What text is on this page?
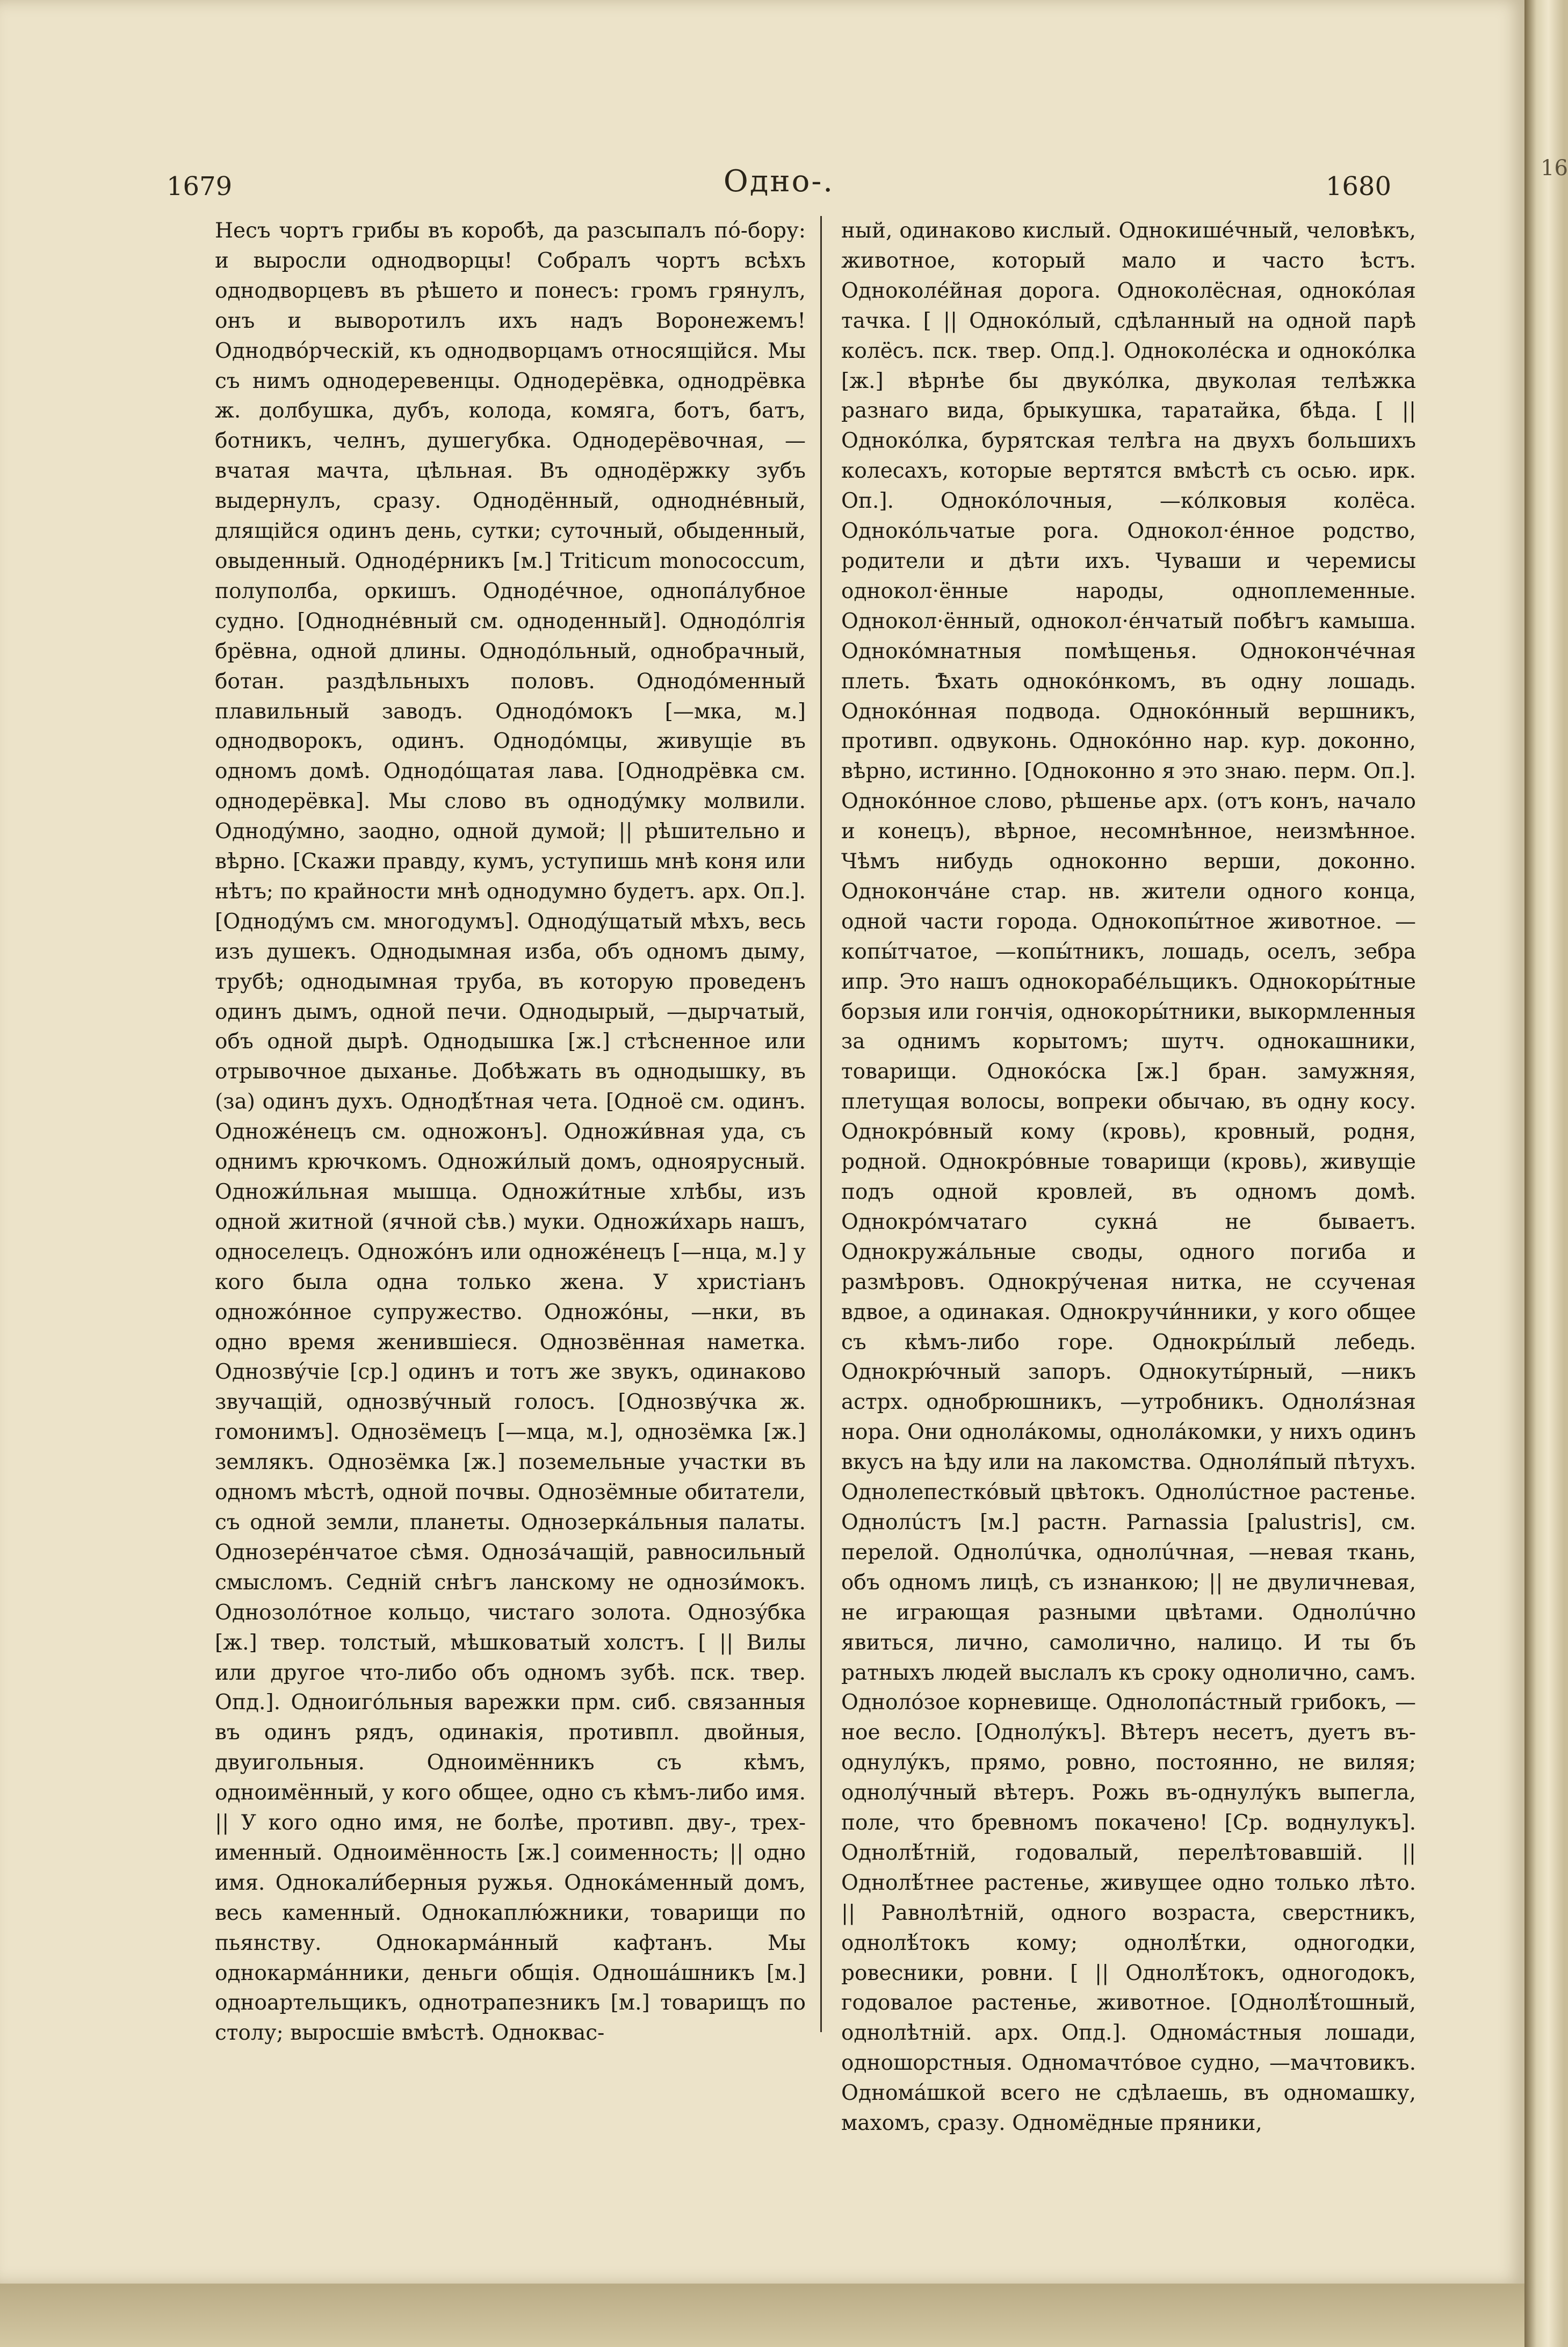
1679	Одно-.	1680
Несъ чортъ грибы въ коробѣ, да разсыпалъ по́-бору: и выросли однодворцы! Собралъ чортъ всѣхъ однодворцевъ въ рѣшето и понесъ: громъ грянулъ, онъ и выворотилъ ихъ надъ Воронежемъ! Однодво́рческій, къ однодворцамъ относящійся. Мы съ нимъ однодеревенцы. Однодерёвка, однодрёвка ж. долбушка, дубъ, колода, комяга, ботъ, батъ, ботникъ, челнъ, душегубка. Однодерёвочная, —вчатая мачта, цѣльная. Въ однодёржку зубъ выдернулъ, сразу. Однодённый, однодне́вный, длящійся одинъ день, сутки; суточный, обыденный, овыденный. Одноде́рникъ [м.] Triticum monococcum, полуполба, оркишъ. Однодéчное, однопа́лубное судно. [Однодне́вный см. одноденный]. Однодо́лгія брёвна, одной длины. Однодо́льный, однобрачный, ботан. раздѣльныхъ половъ. Однодо́менный плавильный заводъ. Однодо́мокъ [—мка, м.] однодворокъ, одинъ. Однодо́мцы, живущіе въ одномъ домѣ. Однодо́щатая лава. [Однодрёвка см. однодерёвка]. Мы слово въ однодýмку молвили. Однодýмно, заодно, одной думой; || рѣшительно и вѣрно. [Скажи правду, кумъ, уступишь мнѣ коня или нѣтъ; по крайности мнѣ однодумно будетъ. арх. Оп.]. [Однодýмъ см. многодумъ]. Однодýщатый мѣхъ, весь изъ душекъ. Однодымная изба, объ одномъ дыму, трубѣ; однодымная труба, въ которую проведенъ одинъ дымъ, одной печи. Однодырый, —дырчатый, объ одной дырѣ. Однодышка [ж.] стѣсненное или отрывочное дыханье. Добѣжать въ однодышку, въ (за) одинъ духъ. Однодѣ́тная чета. [Одноё см. одинъ. Одноже́нецъ см. одножонъ]. Одножи́вная уда, съ однимъ крючкомъ. Одножи́лый домъ, одноярусный. Одножи́льная мышца. Одножи́тные хлѣбы, изъ одной житной (ячной сѣв.) муки. Одножи́харь нашъ, односелецъ. Одножо́нъ или одноже́нецъ [—нца, м.] у кого была одна только жена. У христіанъ одножо́нное супружество. Одножо́ны, —нки, въ одно время женившіеся. Однозвённая наметка. Однозвýчіе [ср.] одинъ и тотъ же звукъ, одинаково звучащій, однозвýчный голосъ. [Однозвýчка ж. гомонимъ]. Однозёмецъ [—мца, м.], однозёмка [ж.] землякъ. Однозёмка [ж.] поземельные участки въ одномъ мѣстѣ, одной почвы. Однозёмные обитатели, съ одной земли, планеты. Однозеркáльныя палаты. Однозерéнчатое сѣмя. Одноза́чащій, равносильный смысломъ. Седній снѣгъ ланскому не однози́мокъ. Однозоло́тное кольцо, чистаго золота. Однозýбка [ж.] твер. толстый, мѣшковатый холстъ. [ || Вилы или другое что-либо объ одномъ зубѣ. пск. твер. Опд.]. Одноиго́льныя варежки прм. сиб. связанныя въ одинъ рядъ, одинакія, противпл. двойныя, двуигольныя. Одноимённикъ съ кѣмъ, одноимённый, у кого общее, одно съ кѣмъ-либо имя. || У кого одно имя, не болѣе, противп. дву-, трех-именный. Одноимённость [ж.] соименность; || одно имя. Однокали́берныя ружья. Однока́менный домъ, весь каменный. Однокаплю́жники, товарищи по пьянству. Однокарма́нный кафтанъ. Мы однокарма́нники, деньги общія. Одноша́шникъ [м.] одноартельщикъ, однотрапезникъ [м.] товарищъ по столу; выросшіе вмѣстѣ. Однокваc-
ный, одинаково кислый. Однокишéчный, человѣкъ, животное, который мало и часто ѣстъ. Одноколéйная дорога. Одноколёсная, однокóлая тачка. [ || Однокóлый, сдѣланный на одной парѣ колёсъ. пск. твер. Опд.]. Одноколéска и однокóлка [ж.] вѣрнѣе бы двукóлка, двуколая телѣжка разнаго вида, брыкушка, таратайка, бѣда. [ || Однокóлка, бурятская телѣга на двухъ большихъ колесахъ, которые вертятся вмѣстѣ съ осью. ирк. Оп.]. Однокóлочныя, —кóлковыя колёса. Однокóльчатые рога. Однокол·éнное родство, родители и дѣти ихъ. Чуваши и черемисы однокол·ённые народы, одноплеменные. Однокол·ённый, однокол·éнчатый побѣгъ камыша. Однокóмнатныя помѣщенья. Однокончéчная плеть. Ѣхать однокóнкомъ, въ одну лошадь. Однокóнная подвода. Однокóнный вершникъ, противп. одвуконь. Однокóнно нар. кур. доконно, вѣрно, истинно. [Одноконно я это знаю. перм. Оп.]. Однокóнное слово, рѣшенье арх. (отъ конъ, начало и конецъ), вѣрное, несомнѣнное, неизмѣнное. Чѣмъ нибудь одноконно верши, доконно. Одноконча́не стар. нв. жители одного конца, одной части города. Однокопы́тное животное. —копы́тчатое, —копы́тникъ, лошадь, оселъ, зебра ипр. Это нашъ однокорабéльщикъ. Однокоры́тные борзыя или гончія, однокоры́тники, выкормленныя за однимъ корытомъ; шутч. однокашники, товарищи. Однокóска [ж.] бран. замужняя, плетущая волосы, вопреки обычаю, въ одну косу. Однокрóвный кому (кровь), кровный, родня, родной. Однокрóвные товарищи (кровь), живущіе подъ одной кровлей, въ одномъ домѣ. Однокрóмчатаго сукнá не бываетъ. Однокружáльные своды, одного погиба и размѣровъ. Однокрýченая нитка, не ссученая вдвое, а одинакая. Однокручи́нники, у кого общее съ кѣмъ-либо горе. Однокры́лый лебедь. Однокрю́чный запоръ. Однокуты́рный, —никъ астрх. однобрюшникъ, —утробникъ. Одноля́зная нора. Они однолáкомы, однолáкомки, у нихъ одинъ вкусъ на ѣду или на лакомства. Одноля́пый пѣтухъ. Однолепестко́вый цвѣтокъ. Однолúстное растенье. Однолúстъ [м.] растн. Parnassia [palustris], см. перелой. Однолúчка, однолúчная, —невая ткань, объ одномъ лицѣ, съ изнанкою; || не двуличневая, не играющая разными цвѣтами. Однолúчно явиться, лично, самолично, налицо. И ты бъ ратныхъ людей выслалъ къ сроку однолично, самъ. Однолóзое корневище. Однолопáстный грибокъ, —ное весло. [Однолýкъ]. Вѣтеръ несетъ, дуетъ въ-однулýкъ, прямо, ровно, постоянно, не виляя; однолýчный вѣтеръ. Рожь въ-однулýкъ выпегла, поле, что бревномъ покачено! [Ср. воднулукъ]. Однолѣ́тній, годовалый, перелѣтовавшій. || Однолѣ́тнее растенье, живущее одно только лѣто. || Равнолѣтній, одного возраста, сверстникъ, однолѣ́токъ кому; однолѣ́тки, одногодки, ровесники, ровни. [ || Однолѣ́токъ, одногодокъ, годовалое растенье, животное. [Однолѣ́тошный, однолѣтній. арх. Опд.]. Одномáстныя лошади, одношорстныя. Одномачто́вое судно, —мачтовикъ. Одномáшкой всего не сдѣлаешь, въ одномашку, махомъ, сразу. Одномёдные пряники,
16
